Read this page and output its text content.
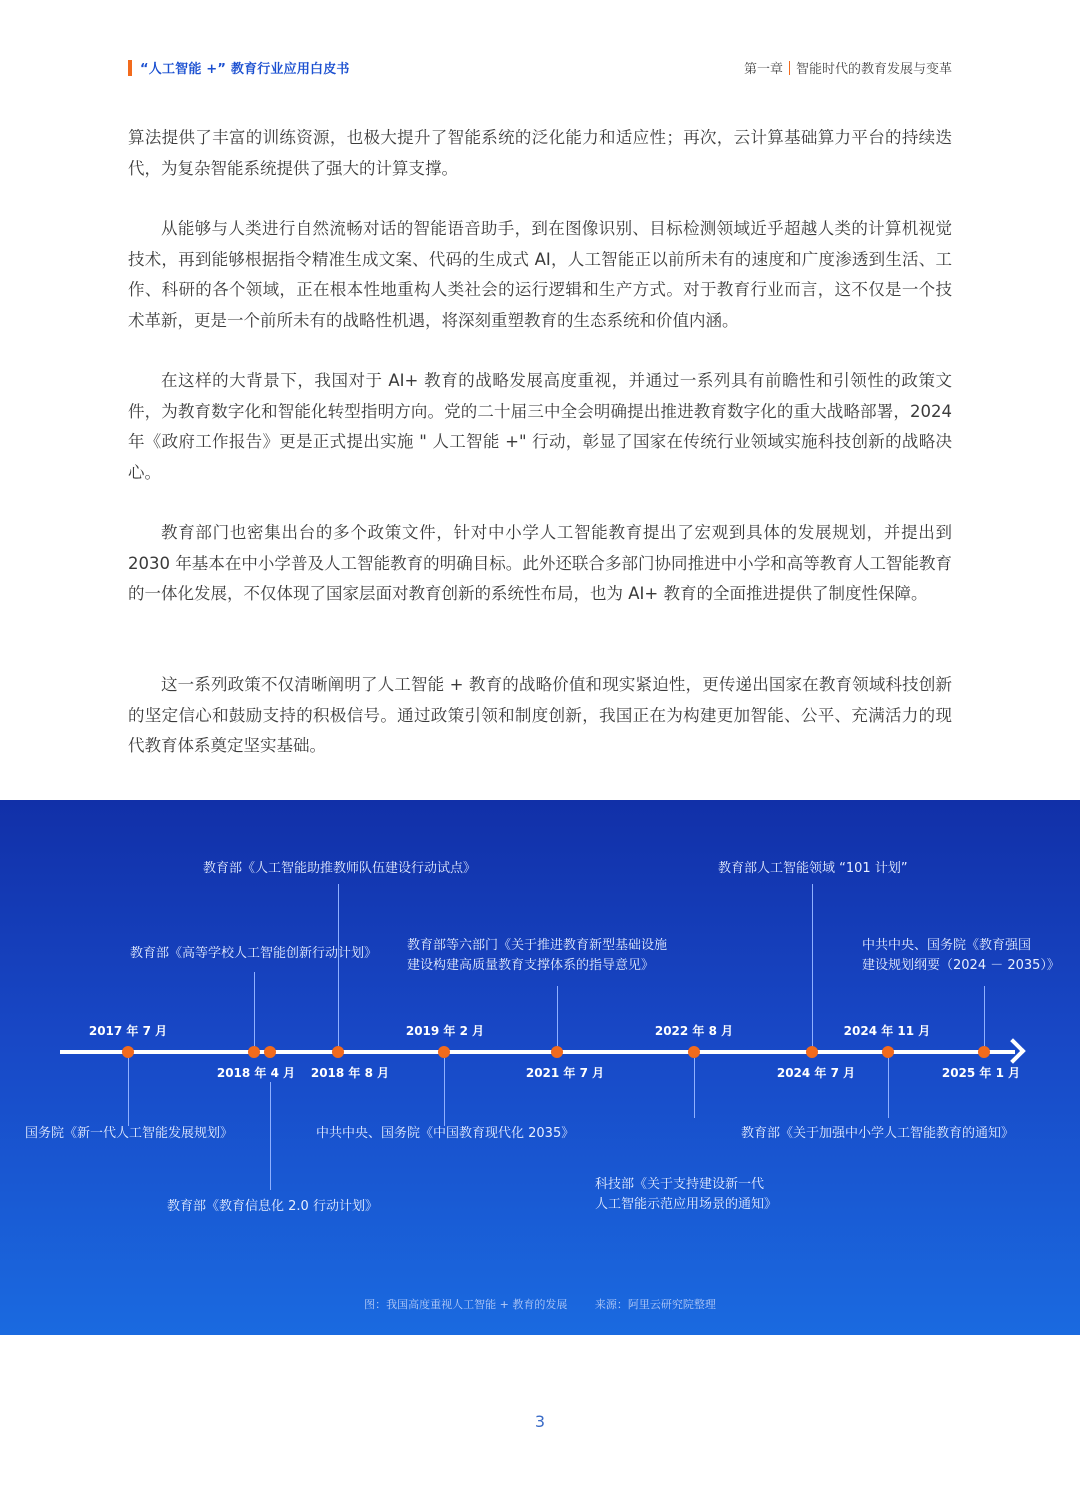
“人工智能 +” 教育行业应用白皮书	第一章 智能时代的教育发展与变革

算法提供了丰富的训练资源，也极大提升了智能系统的泛化能力和适应性；再次，云计算基础算力平台的持续迭代，为复杂智能系统提供了强大的计算支撑。

从能够与人类进行自然流畅对话的智能语音助手，到在图像识别、目标检测领域近乎超越人类的计算机视觉技术，再到能够根据指令精准生成文案、代码的生成式 AI，人工智能正以前所未有的速度和广度渗透到生活、工作、科研的各个领域，正在根本性地重构人类社会的运行逻辑和生产方式。对于教育行业而言，这不仅是一个技术革新，更是一个前所未有的战略性机遇，将深刻重塑教育的生态系统和价值内涵。

在这样的大背景下，我国对于 AI+ 教育的战略发展高度重视，并通过一系列具有前瞻性和引领性的政策文件，为教育数字化和智能化转型指明方向。党的二十届三中全会明确提出推进教育数字化的重大战略部署，2024 年《政府工作报告》更是正式提出实施 " 人工智能 +" 行动，彰显了国家在传统行业领域实施科技创新的战略决心。

教育部门也密集出台的多个政策文件，针对中小学人工智能教育提出了宏观到具体的发展规划，并提出到 2030 年基本在中小学普及人工智能教育的明确目标。此外还联合多部门协同推进中小学和高等教育人工智能教育的一体化发展，不仅体现了国家层面对教育创新的系统性布局，也为 AI+ 教育的全面推进提供了制度性保障。

这一系列政策不仅清晰阐明了人工智能 + 教育的战略价值和现实紧迫性，更传递出国家在教育领域科技创新的坚定信心和鼓励支持的积极信号。通过政策引领和制度创新，我国正在为构建更加智能、公平、充满活力的现代教育体系奠定坚实基础。

图：我国高度重视人工智能 + 教育的发展	来源：阿里云研究院整理
2017 年 7 月
2018 年 4 月 2018 年 8 月
2019 年 2 月
2021 年 7 月
2022 年 8 月
2024 年 7 月
2024 年 11 月
2025 年 1 月
国务院《新一代人工智能发展规划》
教育部《高等学校人工智能创新行动计划》
教育部《教育信息化 2.0 行动计划》
教育部《人工智能助推教师队伍建设行动试点》
中共中央、国务院《中国教育现代化 2035》
教育部等六部门《关于推进教育新型基础设施
建设构建高质量教育支撑体系的指导意见》
科技部《关于支持建设新一代
人工智能示范应用场景的通知》
教育部人工智能领域 “101 计划”
教育部《关于加强中小学人工智能教育的通知》
中共中央、国务院《教育强国
建设规划纲要（2024 － 2035）》
3
